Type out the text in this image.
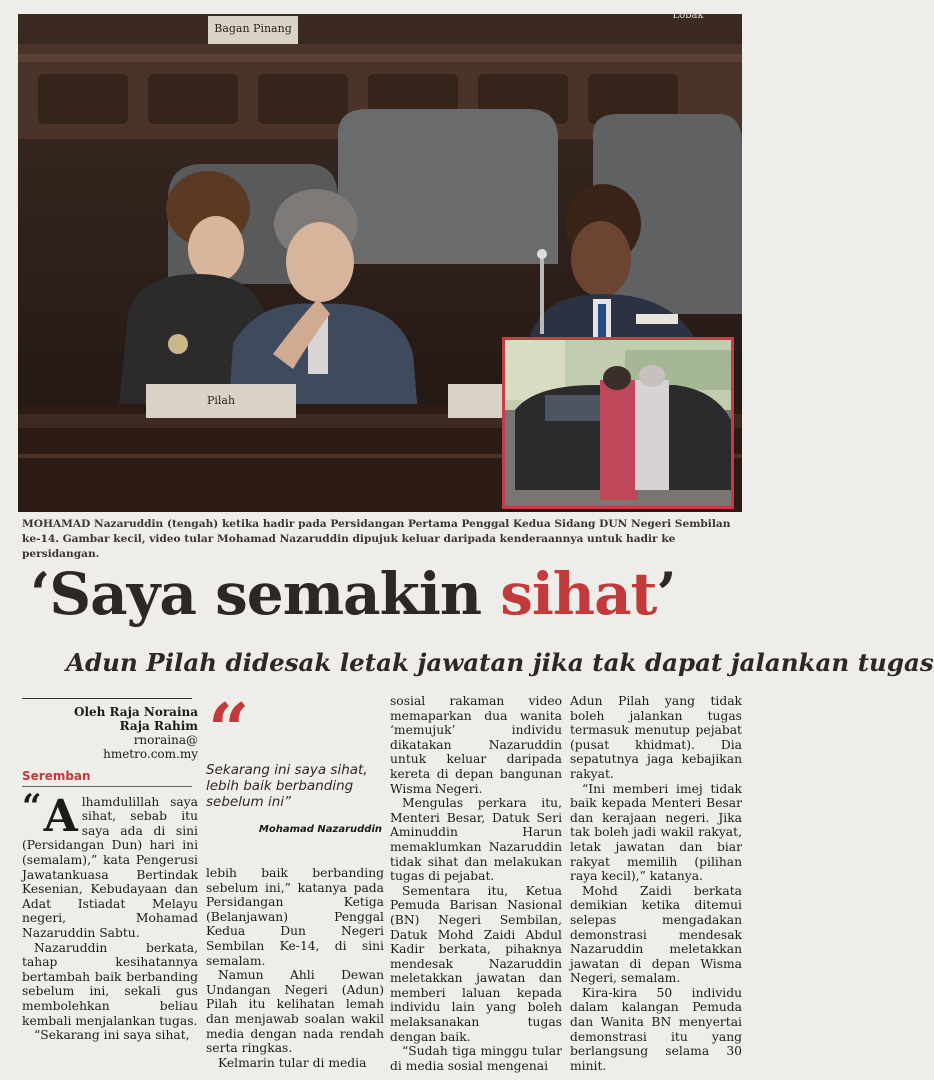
Bagan Pinang
Lobak
Pilah
MOHAMAD Nazaruddin (tengah) ketika hadir pada Persidangan Pertama Penggal Kedua Sidang DUN Negeri Sembilan ke-14. Gambar kecil, video tular Mohamad Nazaruddin dipujuk keluar daripada kenderaannya untuk hadir ke persidangan.
‘Saya semakin sihat’
Adun Pilah didesak letak jawatan jika tak dapat jalankan tugas
Oleh Raja Noraina
Raja Rahim
rnoraina@
hmetro.com.my
Seremban
“ A lhamdulillah saya sihat, sebab itu saya ada di sini (Persidangan Dun) hari ini (semalam),” kata Pengerusi Jawatankuasa Bertindak Kesenian, Kebudayaan dan Adat Istiadat Melayu negeri, Mohamad Nazaruddin Sabtu.

Nazaruddin berkata, tahap kesihatannya bertambah baik berbanding sebelum ini, sekali gus membolehkan beliau kembali menjalankan tugas.

“Sekarang ini saya sihat,

“
Sekarang ini saya sihat, lebih baik berbanding sebelum ini”
Mohamad Nazaruddin

lebih baik berbanding sebelum ini,” katanya pada Persidangan Ketiga (Belanjawan) Penggal Kedua Dun Negeri Sembilan Ke-14, di sini semalam.

Namun Ahli Dewan Undangan Negeri (Adun) Pilah itu kelihatan lemah dan menjawab soalan wakil media dengan nada rendah serta ringkas.

Kelmarin tular di media

sosial rakaman video memaparkan dua wanita ‘memujuk’ individu dikatakan Nazaruddin untuk keluar daripada kereta di depan bangunan Wisma Negeri.

Mengulas perkara itu, Menteri Besar, Datuk Seri Aminuddin Harun memaklumkan Nazaruddin tidak sihat dan melakukan tugas di pejabat.

Sementara itu, Ketua Pemuda Barisan Nasional (BN) Negeri Sembilan, Datuk Mohd Zaidi Abdul Kadir berkata, pihaknya mendesak Nazaruddin meletakkan jawatan dan memberi laluan kepada individu lain yang boleh melaksanakan tugas dengan baik.

“Sudah tiga minggu tular di media sosial mengenai

Adun Pilah yang tidak boleh jalankan tugas termasuk menutup pejabat (pusat khidmat). Dia sepatutnya jaga kebajikan rakyat.

“Ini memberi imej tidak baik kepada Menteri Besar dan kerajaan negeri. Jika tak boleh jadi wakil rakyat, letak jawatan dan biar rakyat memilih (pilihan raya kecil),” katanya.

Mohd Zaidi berkata demikian ketika ditemui selepas mengadakan demonstrasi mendesak Nazaruddin meletakkan jawatan di depan Wisma Negeri, semalam.

Kira-kira 50 individu dalam kalangan Pemuda dan Wanita BN menyertai demonstrasi itu yang berlangsung selama 30 minit.
